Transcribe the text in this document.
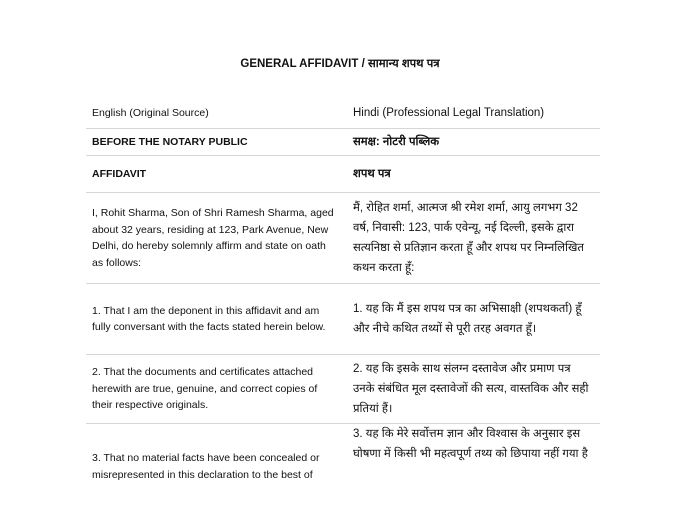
GENERAL AFFIDAVIT / सामान्य शपथ पत्र
English (Original Source)	Hindi (Professional Legal Translation)
BEFORE THE NOTARY PUBLIC	समक्ष: नोटरी पब्लिक
AFFIDAVIT	शपथ पत्र
I, Rohit Sharma, Son of Shri Ramesh Sharma, aged about 32 years, residing at 123, Park Avenue, New Delhi, do hereby solemnly affirm and state on oath as follows:	मैं, रोहित शर्मा, आत्मज श्री रमेश शर्मा, आयु लगभग 32 वर्ष, निवासी: 123, पार्क एवेन्यू, नई दिल्ली, इसके द्वारा सत्यनिष्ठा से प्रतिज्ञान करता हूँ और शपथ पर निम्नलिखित कथन करता हूँ:
1. That I am the deponent in this affidavit and am fully conversant with the facts stated herein below.	1. यह कि मैं इस शपथ पत्र का अभिसाक्षी (शपथकर्ता) हूँ और नीचे कथित तथ्यों से पूरी तरह अवगत हूँ।
2. That the documents and certificates attached herewith are true, genuine, and correct copies of their respective originals.	2. यह कि इसके साथ संलग्न दस्तावेज और प्रमाण पत्र उनके संबंधित मूल दस्तावेजों की सत्य, वास्तविक और सही प्रतियां हैं।
3. That no material facts have been concealed or misrepresented in this declaration to the best of	3. यह कि मेरे सर्वोत्तम ज्ञान और विश्वास के अनुसार इस घोषणा में किसी भी महत्वपूर्ण तथ्य को छिपाया नहीं गया है
